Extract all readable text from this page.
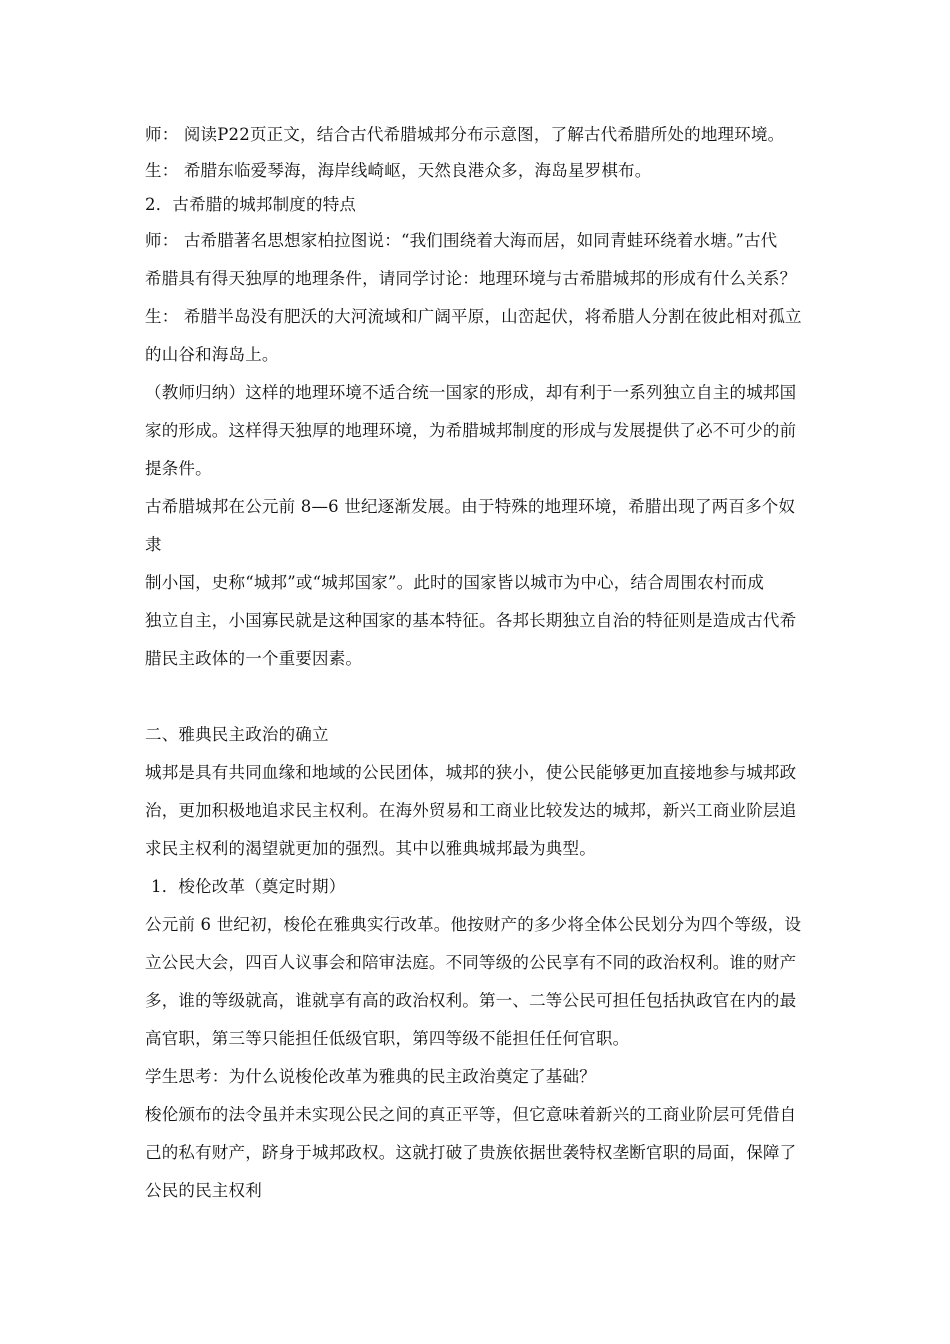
师： 阅读P22页正文，结合古代希腊城邦分布示意图，了解古代希腊所处的地理环境。

生： 希腊东临爱琴海，海岸线崎岖，天然良港众多，海岛星罗棋布。

2．古希腊的城邦制度的特点

师： 古希腊著名思想家柏拉图说：“我们围绕着大海而居，如同青蛙环绕着水塘。”古代

希腊具有得天独厚的地理条件，请同学讨论：地理环境与古希腊城邦的形成有什么关系？

生： 希腊半岛没有肥沃的大河流域和广阔平原，山峦起伏，将希腊人分割在彼此相对孤立

的山谷和海岛上。

（教师归纳）这样的地理环境不适合统一国家的形成，却有利于一系列独立自主的城邦国

家的形成。这样得天独厚的地理环境，为希腊城邦制度的形成与发展提供了必不可少的前

提条件。

古希腊城邦在公元前 8—6 世纪逐渐发展。由于特殊的地理环境，希腊出现了两百多个奴隶

制小国，史称“城邦”或“城邦国家”。此时的国家皆以城市为中心，结合周围农村而成

独立自主，小国寡民就是这种国家的基本特征。各邦长期独立自治的特征则是造成古代希

腊民主政体的一个重要因素。

二、雅典民主政治的确立

城邦是具有共同血缘和地域的公民团体，城邦的狭小，使公民能够更加直接地参与城邦政

治，更加积极地追求民主权利。在海外贸易和工商业比较发达的城邦，新兴工商业阶层追

求民主权利的渴望就更加的强烈。其中以雅典城邦最为典型。

1．梭伦改革（奠定时期）

公元前 6 世纪初，梭伦在雅典实行改革。他按财产的多少将全体公民划分为四个等级，设

立公民大会，四百人议事会和陪审法庭。不同等级的公民享有不同的政治权利。谁的财产

多，谁的等级就高，谁就享有高的政治权利。第一、二等公民可担任包括执政官在内的最

高官职，第三等只能担任低级官职，第四等级不能担任任何官职。

学生思考：为什么说梭伦改革为雅典的民主政治奠定了基础？

梭伦颁布的法令虽并未实现公民之间的真正平等，但它意味着新兴的工商业阶层可凭借自

己的私有财产，跻身于城邦政权。这就打破了贵族依据世袭特权垄断官职的局面，保障了

公民的民主权利
